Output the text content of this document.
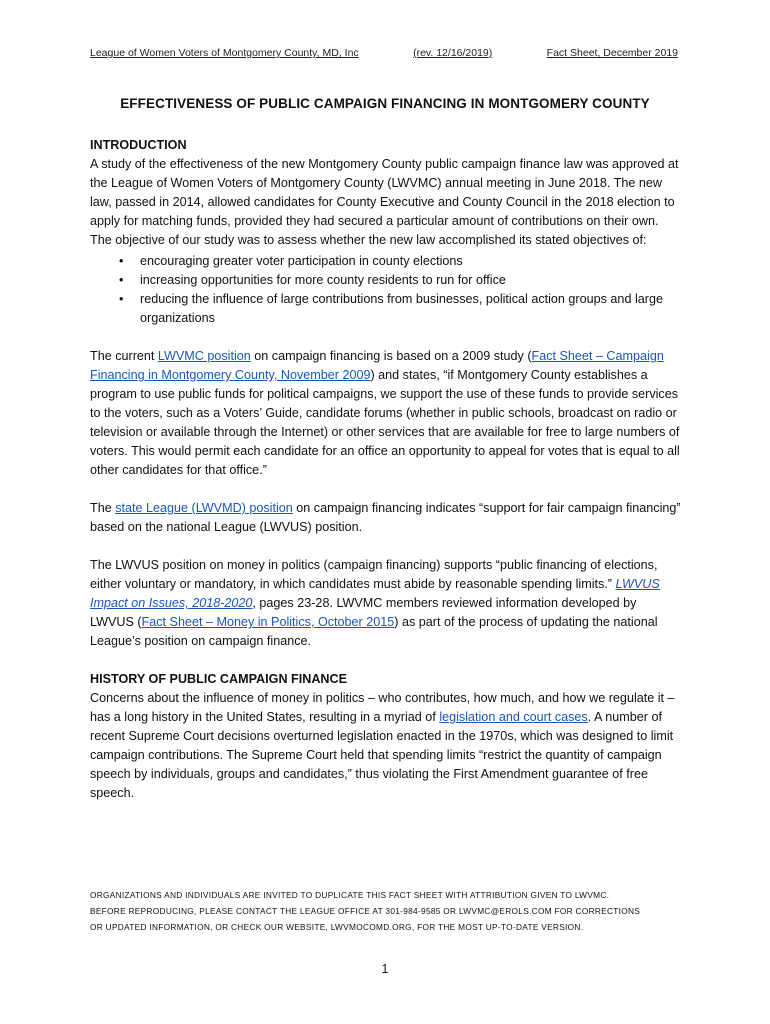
League of Women Voters of Montgomery County, MD, Inc	(rev. 12/16/2019)	Fact Sheet, December 2019
EFFECTIVENESS OF PUBLIC CAMPAIGN FINANCING IN MONTGOMERY COUNTY
INTRODUCTION

A study of the effectiveness of the new Montgomery County public campaign finance law was approved at the League of Women Voters of Montgomery County (LWVMC) annual meeting in June 2018. The new law, passed in 2014, allowed candidates for County Executive and County Council in the 2018 election to apply for matching funds, provided they had secured a particular amount of contributions on their own. The objective of our study was to assess whether the new law accomplished its stated objectives of:

• encouraging greater voter participation in county elections
• increasing opportunities for more county residents to run for office
• reducing the influence of large contributions from businesses, political action groups and large organizations

The current LWVMC position on campaign financing is based on a 2009 study (Fact Sheet – Campaign Financing in Montgomery County, November 2009) and states, “if Montgomery County establishes a program to use public funds for political campaigns, we support the use of these funds to provide services to the voters, such as a Voters’ Guide, candidate forums (whether in public schools, broadcast on radio or television or available through the Internet) or other services that are available for free to large numbers of voters. This would permit each candidate for an office an opportunity to appeal for votes that is equal to all other candidates for that office.”

The state League (LWVMD) position on campaign financing indicates “support for fair campaign financing” based on the national League (LWVUS) position.

The LWVUS position on money in politics (campaign financing) supports “public financing of elections, either voluntary or mandatory, in which candidates must abide by reasonable spending limits.” LWVUS Impact on Issues, 2018-2020, pages 23-28. LWVMC members reviewed information developed by LWVUS (Fact Sheet – Money in Politics, October 2015) as part of the process of updating the national League’s position on campaign finance.

HISTORY OF PUBLIC CAMPAIGN FINANCE

Concerns about the influence of money in politics – who contributes, how much, and how we regulate it – has a long history in the United States, resulting in a myriad of legislation and court cases. A number of recent Supreme Court decisions overturned legislation enacted in the 1970s, which was designed to limit campaign contributions. The Supreme Court held that spending limits “restrict the quantity of campaign speech by individuals, groups and candidates,” thus violating the First Amendment guarantee of free speech.

ORGANIZATIONS AND INDIVIDUALS ARE INVITED TO DUPLICATE THIS FACT SHEET WITH ATTRIBUTION GIVEN TO LWVMC.
BEFORE REPRODUCING, PLEASE CONTACT THE LEAGUE OFFICE AT 301-984-9585 OR LWVMC@EROLS.COM FOR CORRECTIONS
OR UPDATED INFORMATION, OR CHECK OUR WEBSITE, LWVMOCOMD.ORG, FOR THE MOST UP-TO-DATE VERSION.
1
